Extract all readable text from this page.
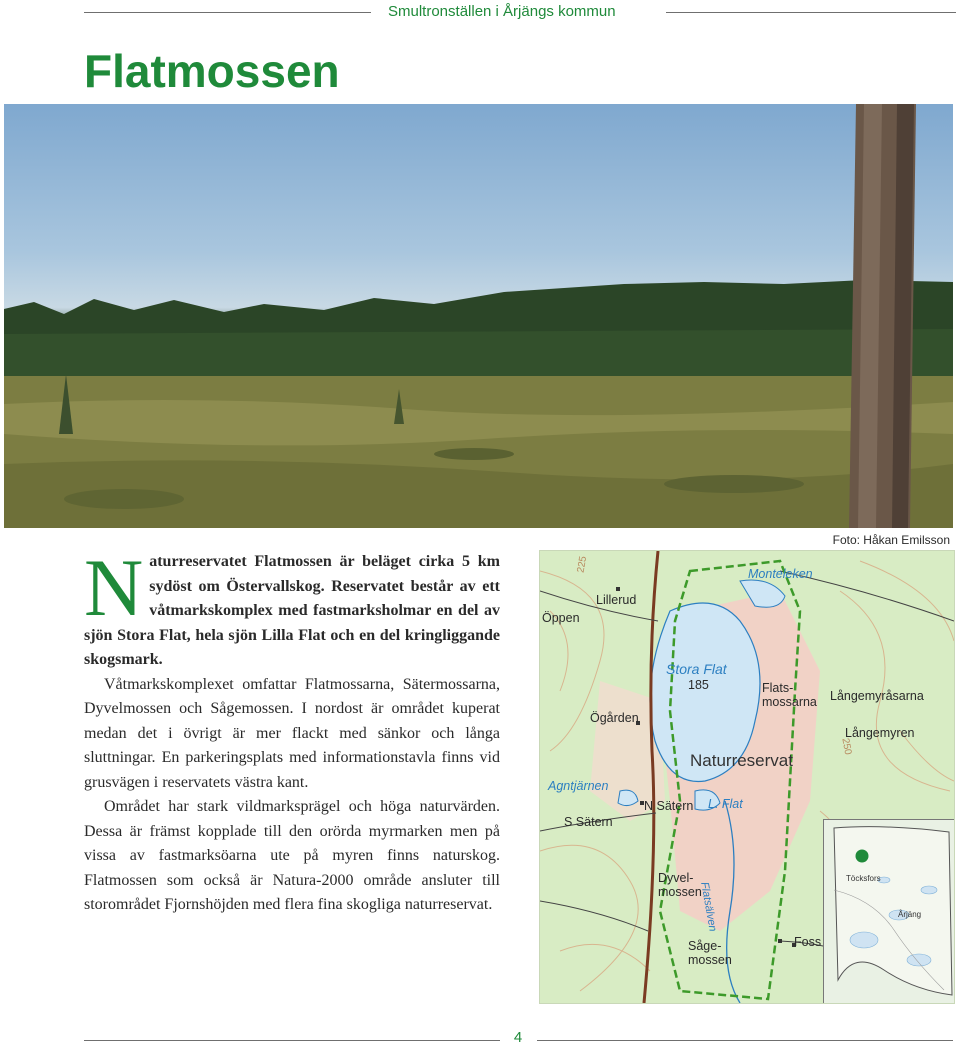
Smultronställen i Årjängs kommun
Flatmossen
Foto: Håkan Emilsson

Naturreservatet Flatmossen är beläget cirka 5 km sydöst om Östervallskog. Reservatet består av ett våtmarkskomplex med fastmarksholmar en del av sjön Stora Flat, hela sjön Lilla Flat och en del kringliggande skogsmark.

Våtmarkskomplexet omfattar Flatmossarna, Sätermossarna, Dyvelmossen och Sågemossen. I nordost är området kuperat medan det i övrigt är mer flackt med sänkor och långa sluttningar. En parkeringsplats med informationstavla finns vid grusvägen i reservatets västra kant.

Området har stark vildmarksprägel och höga naturvärden. Dessa är främst kopplade till den orörda myrmarken men på vissa av fastmarksöarna ute på myren finns naturskog. Flatmossen som också är Natura-2000 område ansluter till storområdet Fjornshöjden med flera fina skogliga naturreservat.

Lillerud
Öppen
Monteleken
Stora Flat
185	Flats-
mossarna Långemyråsarna
Långemyren
Ögården
Naturreservat
Agntjärnen
N Sätern L. Flat
S Sätern
Dyvel-
mossen
Flatsälven
Såge-
mossen
Foss
225
250
Töcksfors
Årjäng
4
